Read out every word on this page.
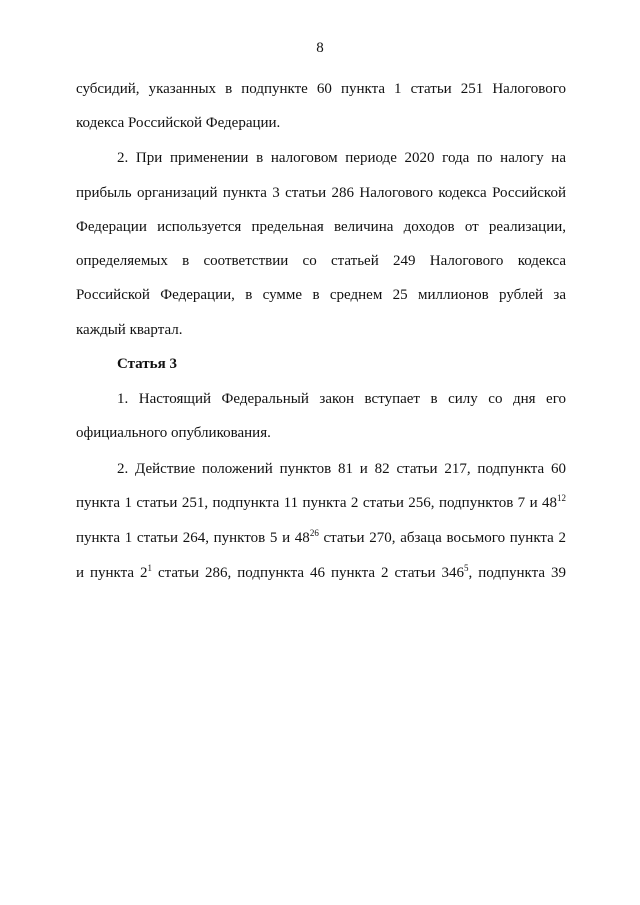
8
субсидий, указанных в подпункте 60 пункта 1 статьи 251 Налогового
кодекса Российской Федерации.
2. При применении в налоговом периоде 2020 года по налогу на
прибыль организаций пункта 3 статьи 286 Налогового кодекса Российской
Федерации используется предельная величина доходов от реализации,
определяемых в соответствии со статьей 249 Налогового кодекса
Российской Федерации, в сумме в среднем 25 миллионов рублей за
каждый квартал.
Статья 3
1. Настоящий Федеральный закон вступает в силу со дня его
официального опубликования.
2. Действие положений пунктов 81 и 82 статьи 217, подпункта 60
пункта 1 статьи 251, подпункта 11 пункта 2 статьи 256, подпунктов 7 и $48^{12}$
пункта 1 статьи 264, пунктов 5 и $48^{26}$ статьи 270, абзаца восьмого пункта 2
и пункта $2^1$ статьи 286, подпункта 46 пункта 2 статьи $346^5$, подпункта 39
